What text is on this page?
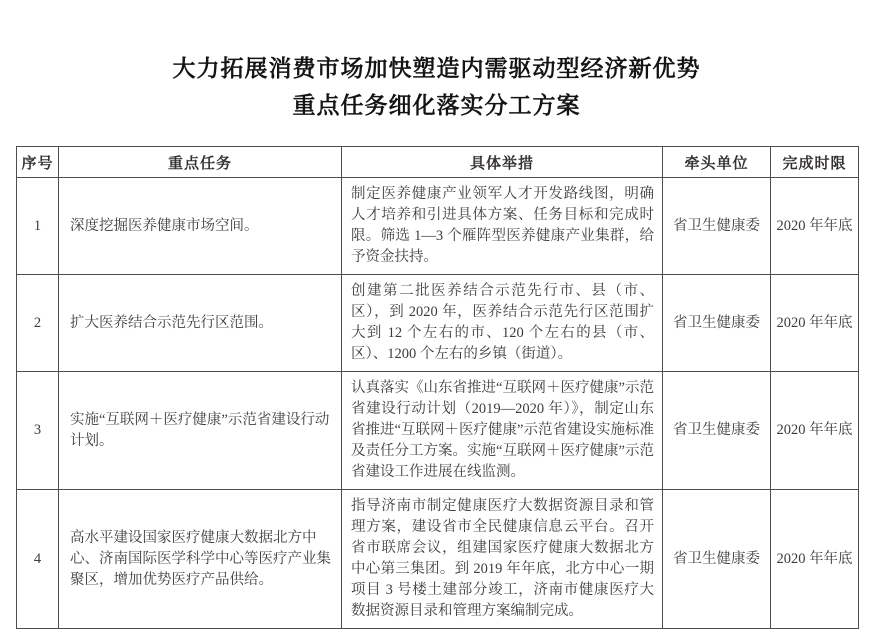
大力拓展消费市场加快塑造内需驱动型经济新优势
重点任务细化落实分工方案
序号	重点任务	具体举措	牵头单位	完成时限
1	深度挖掘医养健康市场空间。	制定医养健康产业领军人才开发路线图，明确人才培养和引进具体方案、任务目标和完成时限。筛选 1—3 个雁阵型医养健康产业集群，给予资金扶持。	省卫生健康委	2020 年年底
2	扩大医养结合示范先行区范围。	创建第二批医养结合示范先行市、县（市、区），到 2020 年，医养结合示范先行区范围扩大到 12 个左右的市、120 个左右的县（市、区）、1200 个左右的乡镇（街道）。	省卫生健康委	2020 年年底
3	实施“互联网＋医疗健康”示范省建设行动计划。	认真落实《山东省推进“互联网＋医疗健康”示范省建设行动计划（2019—2020 年）》，制定山东省推进“互联网＋医疗健康”示范省建设实施标准及责任分工方案。实施“互联网＋医疗健康”示范省建设工作进展在线监测。	省卫生健康委	2020 年年底
4	高水平建设国家医疗健康大数据北方中心、济南国际医学科学中心等医疗产业集聚区，增加优势医疗产品供给。	指导济南市制定健康医疗大数据资源目录和管理方案，建设省市全民健康信息云平台。召开省市联席会议，组建国家医疗健康大数据北方中心第三集团。到 2019 年年底，北方中心一期项目 3 号楼土建部分竣工，济南市健康医疗大数据资源目录和管理方案编制完成。	省卫生健康委	2020 年年底
